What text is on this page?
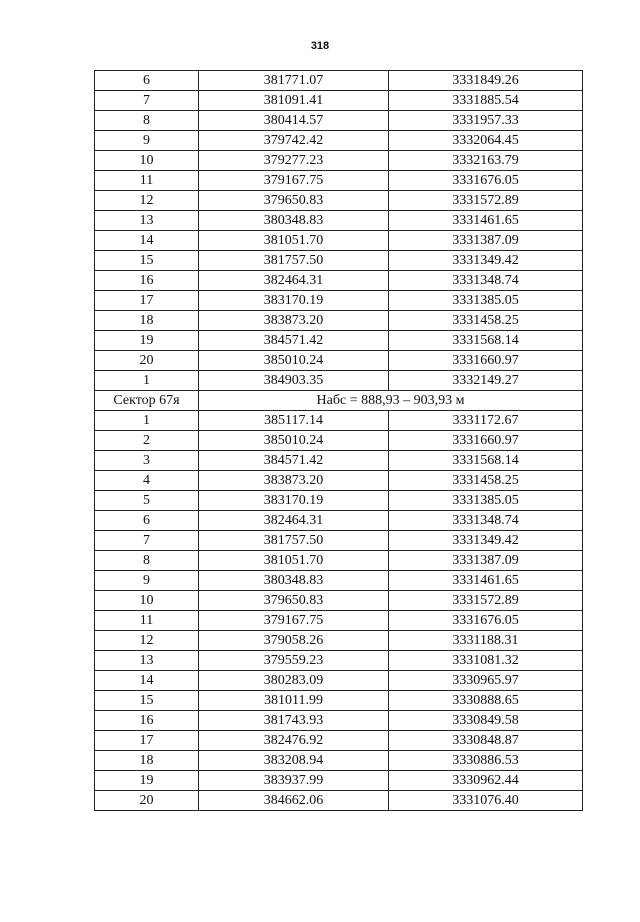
318
6	381771.07	3331849.26
7	381091.41	3331885.54
8	380414.57	3331957.33
9	379742.42	3332064.45
10	379277.23	3332163.79
11	379167.75	3331676.05
12	379650.83	3331572.89
13	380348.83	3331461.65
14	381051.70	3331387.09
15	381757.50	3331349.42
16	382464.31	3331348.74
17	383170.19	3331385.05
18	383873.20	3331458.25
19	384571.42	3331568.14
20	385010.24	3331660.97
1	384903.35	3332149.27
Сектор 67я	Набс = 888,93 – 903,93 м	
1	385117.14	3331172.67
2	385010.24	3331660.97
3	384571.42	3331568.14
4	383873.20	3331458.25
5	383170.19	3331385.05
6	382464.31	3331348.74
7	381757.50	3331349.42
8	381051.70	3331387.09
9	380348.83	3331461.65
10	379650.83	3331572.89
11	379167.75	3331676.05
12	379058.26	3331188.31
13	379559.23	3331081.32
14	380283.09	3330965.97
15	381011.99	3330888.65
16	381743.93	3330849.58
17	382476.92	3330848.87
18	383208.94	3330886.53
19	383937.99	3330962.44
20	384662.06	3331076.40
